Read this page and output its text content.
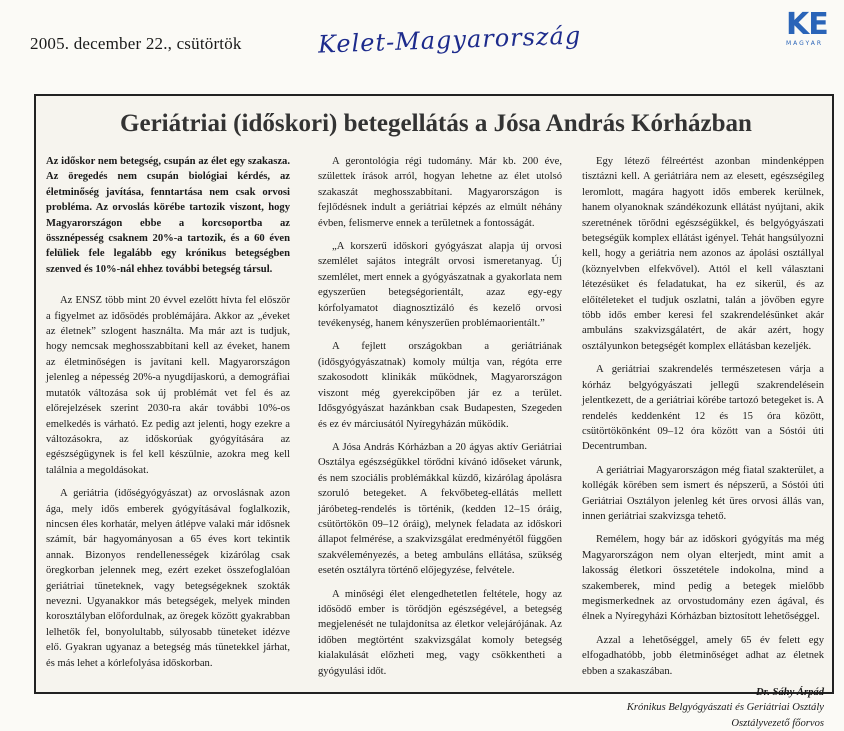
2005. december 22., csütörtök	Kelet-Magyarország	KE
MAGYAR
Geriátriai (időskori) betegellátás a Jósa András Kórházban

Az időskor nem betegség, csupán az élet egy szakasza. Az öregedés nem csupán biológiai kérdés, az életminőség javítása, fenntartása nem csak orvosi probléma. Az orvoslás körébe tartozik viszont, hogy Magyarországon ebbe a korcsoportba az össznépesség csaknem 20%-a tartozik, és a 60 éven felüliek fele legalább egy krónikus betegségben szenved és 10%-nál ehhez további betegség társul.

Az ENSZ több mint 20 évvel ezelőtt hívta fel először a figyelmet az idősödés problémájára. Akkor az „éveket az életnek” szlogent használta. Ma már azt is tudjuk, hogy nemcsak meghosszabbítani kell az éveket, hanem az életminőségen is javítani kell. Magyarországon jelenleg a népesség 20%-a nyugdíjaskorú, a demográfiai mutatók változása sok új problémát vet fel és az előrejelzések szerint 2030-ra akár további 10%-os emelkedés is várható. Ez pedig azt jelenti, hogy ezekre a változásokra, az időskorúak gyógyítására az egészségügynek is fel kell készülnie, azokra meg kell találnia a megoldásokat.

A geriátria (időségyógyászat) az orvoslásnak azon ága, mely idős emberek gyógyításával foglalkozik, nincsen éles korhatár, melyen átlépve valaki már idősnek számít, bár hagyományosan a 65 éves kort tekintik annak. Bizonyos rendellenességek kizárólag csak öregkorban jelennek meg, ezért ezeket összefoglalóan geriátriai tüneteknek, vagy betegségeknek szokták nevezni. Ugyanakkor más betegségek, melyek minden korosztályban előfordulnak, az öregek között gyakrabban lelhetők fel, bonyolultabb, súlyosabb tüneteket idézve elő. Gyakran ugyanaz a betegség más tünetekkel járhat, és más lehet a kórlefolyása időskorban.

A gerontológia régi tudomány. Már kb. 200 éve, születtek írások arról, hogyan lehetne az élet utolsó szakaszát meghosszabbítani. Magyarországon is fejlődésnek indult a geriátriai képzés az elmúlt néhány évben, felismerve ennek a területnek a fontosságát.

„A korszerű időskori gyógyászat alapja új orvosi szemlélet sajátos integrált orvosi ismeretanyag. Új szemlélet, mert ennek a gyógyászatnak a gyakorlata nem egyszerűen betegségorientált, azaz egy-egy kórfolyamatot diagnosztizáló és kezelő orvosi tevékenység, hanem kényszerűen problémaorientált.”

A fejlett országokban a geriátriának (idősgyógyászatnak) komoly múltja van, régóta erre szakosodott klinikák működnek, Magyarországon viszont még gyerekcipőben jár ez a terület. Idősgyógyászat hazánkban csak Budapesten, Szegeden és ez év márciusától Nyíregyházán működik.

A Jósa András Kórházban a 20 ágyas aktív Geriátriai Osztálya egészségükkel törődni kívánó időseket várunk, és nem szociális problémákkal küzdő, kizárólag ápolásra szoruló betegeket. A fekvőbeteg-ellátás mellett járóbeteg-rendelés is történik, (kedden 12–15 óráig, csütörtökön 09–12 óráig), melynek feladata az időskori állapot felmérése, a szakvizsgálat eredményétől függően szakvéleményezés, a beteg ambuláns ellátása, szükség esetén osztályra történő előjegyzése, felvétele.

A minőségi élet elengedhetetlen feltétele, hogy az idősödő ember is törődjön egészségével, a betegség megjelenését ne tulajdonítsa az életkor velejárójának. Az időben megtörtént szakvizsgálat komoly betegség kialakulását előzheti meg, vagy csökkentheti a gyógyulási időt.

Egy létező félreértést azonban mindenképpen tisztázni kell. A geriátriára nem az elesett, egészségileg leromlott, magára hagyott idős emberek kerülnek, hanem olyanoknak szándékozunk ellátást nyújtani, akik szeretnének törődni egészségükkel, és belgyógyászati betegségük komplex ellátást igényel. Tehát hangsúlyozni kell, hogy a geriátria nem azonos az ápolási osztállyal (köznyelvben elfekvővel). Attól el kell választani létezésüket és feladatukat, ha ez sikerül, és az előítéleteket el tudjuk oszlatni, talán a jövőben egyre több idős ember keresi fel szakrendelésünket akár ambuláns szakvizsgálatért, de akár azért, hogy osztályunkon betegségét komplex ellátásban kezeljék.

A geriátriai szakrendelés természetesen várja a kórház belgyógyászati jellegű szakrendelésein jelentkezett, de a geriátriai körébe tartozó betegeket is. A rendelés keddenként 12 és 15 óra között, csütörtökönként 09–12 óra között van a Sóstói úti Decentrumban.

A geriátriai Magyarországon még fiatal szakterület, a kollégák körében sem ismert és népszerű, a Sóstói úti Geriátriai Osztályon jelenleg két üres orvosi állás van, innen geriátriai szakvizsga tehető.

Remélem, hogy bár az időskori gyógyítás ma még Magyarországon nem olyan elterjedt, mint amit a lakosság életkori összetétele indokolna, mind a szakemberek, mind pedig a betegek mielőbb megismerkednek az orvostudomány ezen ágával, és élnek a Nyíregyházi Kórházban biztosított lehetőséggel.

Azzal a lehetőséggel, amely 65 év felett egy elfogadhatóbb, jobb életminőséget adhat az életnek ebben a szakaszában.

Dr. Sáhy Árpád
Krónikus Belgyógyászati és Geriátriai Osztály
Osztályvezető főorvos
